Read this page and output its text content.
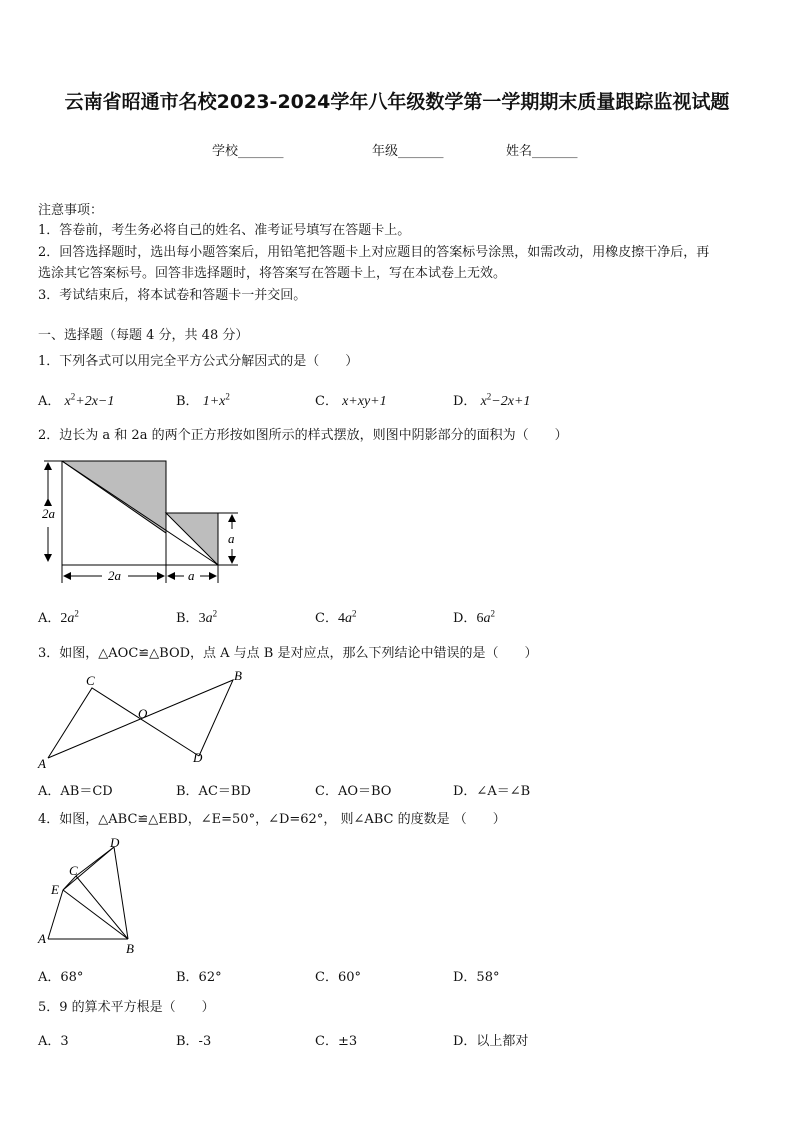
云南省昭通市名校2023-2024学年八年级数学第一学期期末质量跟踪监视试题
学校_______	年级_______	姓名_______
注意事项：
1．答卷前，考生务必将自己的姓名、准考证号填写在答题卡上。
2．回答选择题时，选出每小题答案后，用铅笔把答题卡上对应题目的答案标号涂黑，如需改动，用橡皮擦干净后，再
选涂其它答案标号。回答非选择题时，将答案写在答题卡上，写在本试卷上无效。
3．考试结束后，将本试卷和答题卡一并交回。
一、选择题（每题 4 分，共 48 分）
1．下列各式可以用完全平方公式分解因式的是（　　）
A． $x^2+2x-1$	B． $1+x^2$	C． x+xy+1	D． $x^2-2x+1$
2．边长为 a 和 2a 的两个正方形按如图所示的样式摆放，则图中阴影部分的面积为（　　）
2a
2a	a
a
A．$2a^2$	B．$3a^2$	C．$4a^2$	D．$6a^2$
3．如图，△AOC≌△BOD，点 A 与点 B 是对应点，那么下列结论中错误的是（　　）
A
B
C
D
O
A．AB＝CD	B．AC＝BD	C．AO＝BO	D．∠A＝∠B
4．如图，△ABC≌△EBD，∠E=50°，∠D=62°， 则∠ABC 的度数是 （　　）
A
B
C
D
E
A．68°	B．62°	C．60°	D．58°
5．9 的算术平方根是（　　）
A．3	B．-3	C．±3	D．以上都对
